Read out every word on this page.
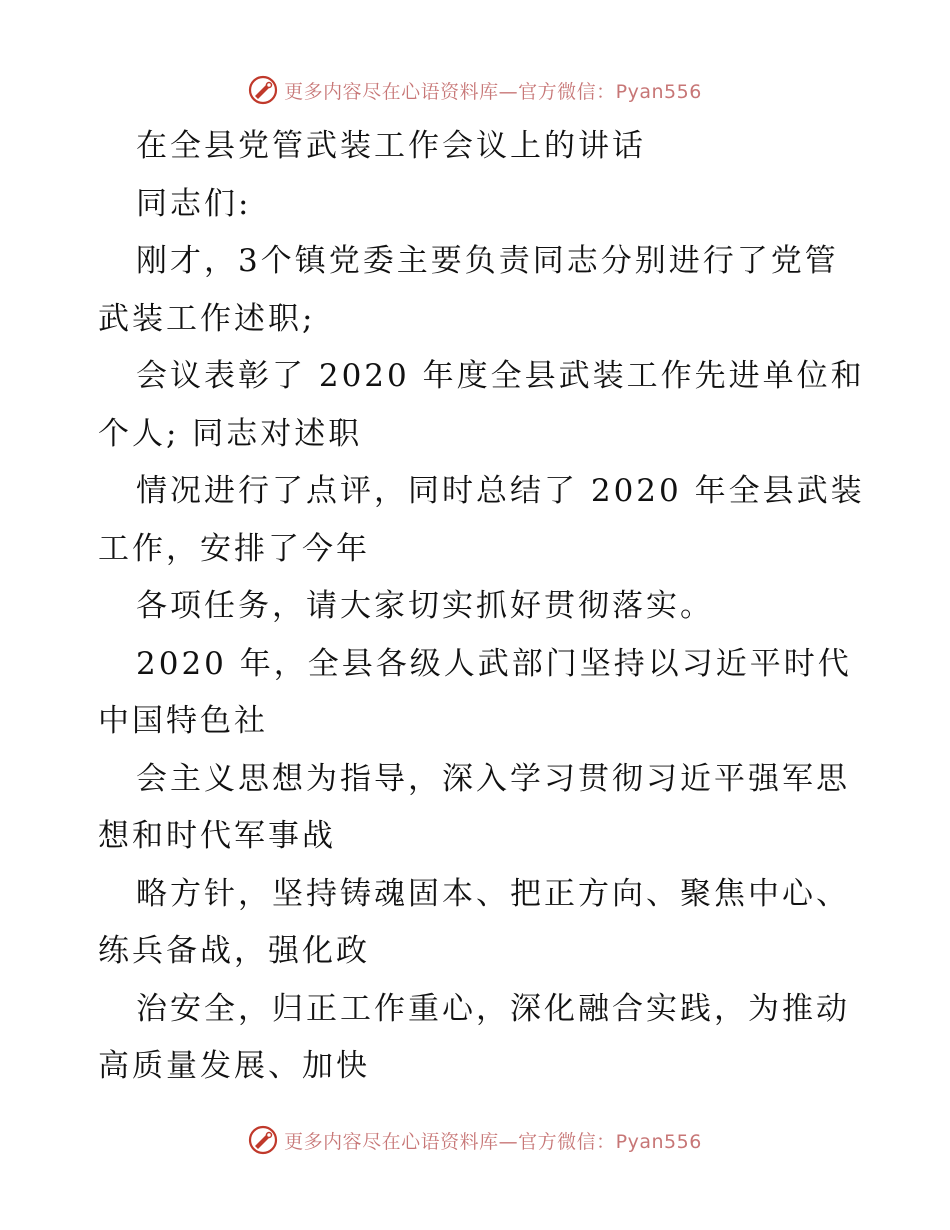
更多内容尽在心语资料库—官方微信：Pyan556
在全县党管武装工作会议上的讲话
同志们:
刚才，3个镇党委主要负责同志分别进行了党管
武装工作述职;
会议表彰了 2020 年度全县武装工作先进单位和
个人; 同志对述职
情况进行了点评，同时总结了 2020 年全县武装
工作，安排了今年
各项任务，请大家切实抓好贯彻落实。
2020 年，全县各级人武部门坚持以习近平时代
中国特色社
会主义思想为指导，深入学习贯彻习近平强军思
想和时代军事战
略方针，坚持铸魂固本、把正方向、聚焦中心、
练兵备战，强化政
治安全，归正工作重心，深化融合实践，为推动
高质量发展、加快
更多内容尽在心语资料库—官方微信：Pyan556
